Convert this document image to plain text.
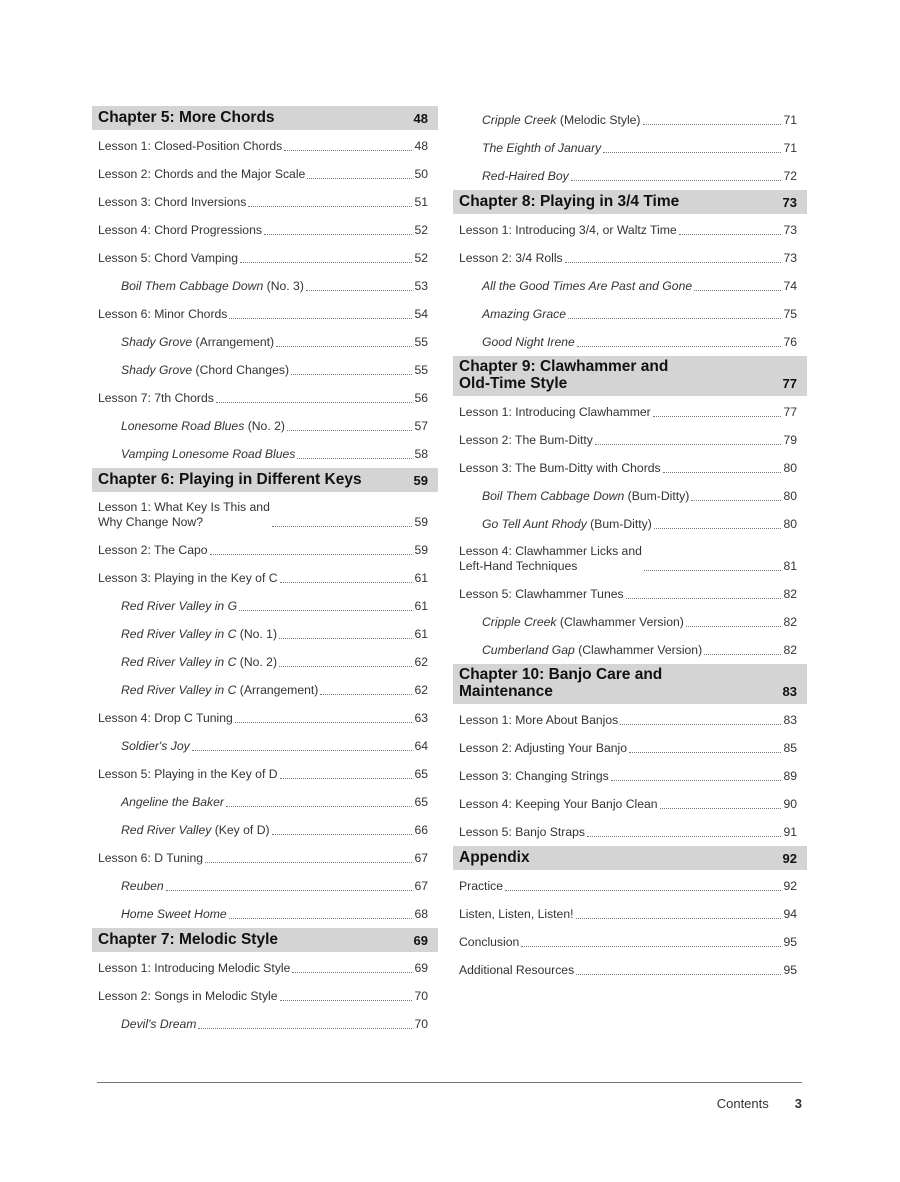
Chapter 5: More Chords	48
Lesson 1: Closed-Position Chords	48
Lesson 2: Chords and the Major Scale	50
Lesson 3: Chord Inversions	51
Lesson 4: Chord Progressions	52
Lesson 5: Chord Vamping	52
Boil Them Cabbage Down (No. 3)	53
Lesson 6: Minor Chords	54
Shady Grove (Arrangement)	55
Shady Grove (Chord Changes)	55
Lesson 7: 7th Chords	56
Lonesome Road Blues (No. 2)	57
Vamping Lonesome Road Blues	58
Chapter 6: Playing in Different Keys	59
Lesson 1: What Key Is This and
Why Change Now?	59
Lesson 2: The Capo	59
Lesson 3: Playing in the Key of C	61
Red River Valley in G	61
Red River Valley in C (No. 1)	61
Red River Valley in C (No. 2)	62
Red River Valley in C (Arrangement)	62
Lesson 4: Drop C Tuning	63
Soldier's Joy	64
Lesson 5: Playing in the Key of D	65
Angeline the Baker	65
Red River Valley (Key of D)	66
Lesson 6: D Tuning	67
Reuben	67
Home Sweet Home	68
Chapter 7: Melodic Style	69
Lesson 1: Introducing Melodic Style	69
Lesson 2: Songs in Melodic Style	70
Devil's Dream	70
Cripple Creek (Melodic Style)	71
The Eighth of January	71
Red-Haired Boy	72
Chapter 8: Playing in 3/4 Time	73
Lesson 1: Introducing 3/4, or Waltz Time	73
Lesson 2: 3/4 Rolls	73
All the Good Times Are Past and Gone	74
Amazing Grace	75
Good Night Irene	76
Chapter 9: Clawhammer and
Old-Time Style	77
Lesson 1: Introducing Clawhammer	77
Lesson 2: The Bum-Ditty	79
Lesson 3: The Bum-Ditty with Chords	80
Boil Them Cabbage Down (Bum-Ditty)	80
Go Tell Aunt Rhody (Bum-Ditty)	80
Lesson 4: Clawhammer Licks and
Left-Hand Techniques	81
Lesson 5: Clawhammer Tunes	82
Cripple Creek (Clawhammer Version)	82
Cumberland Gap (Clawhammer Version)	82
Chapter 10: Banjo Care and
Maintenance	83
Lesson 1: More About Banjos	83
Lesson 2: Adjusting Your Banjo	85
Lesson 3: Changing Strings	89
Lesson 4: Keeping Your Banjo Clean	90
Lesson 5: Banjo Straps	91
Appendix	92
Practice	92
Listen, Listen, Listen!	94
Conclusion	95
Additional Resources	95
Contents 3
